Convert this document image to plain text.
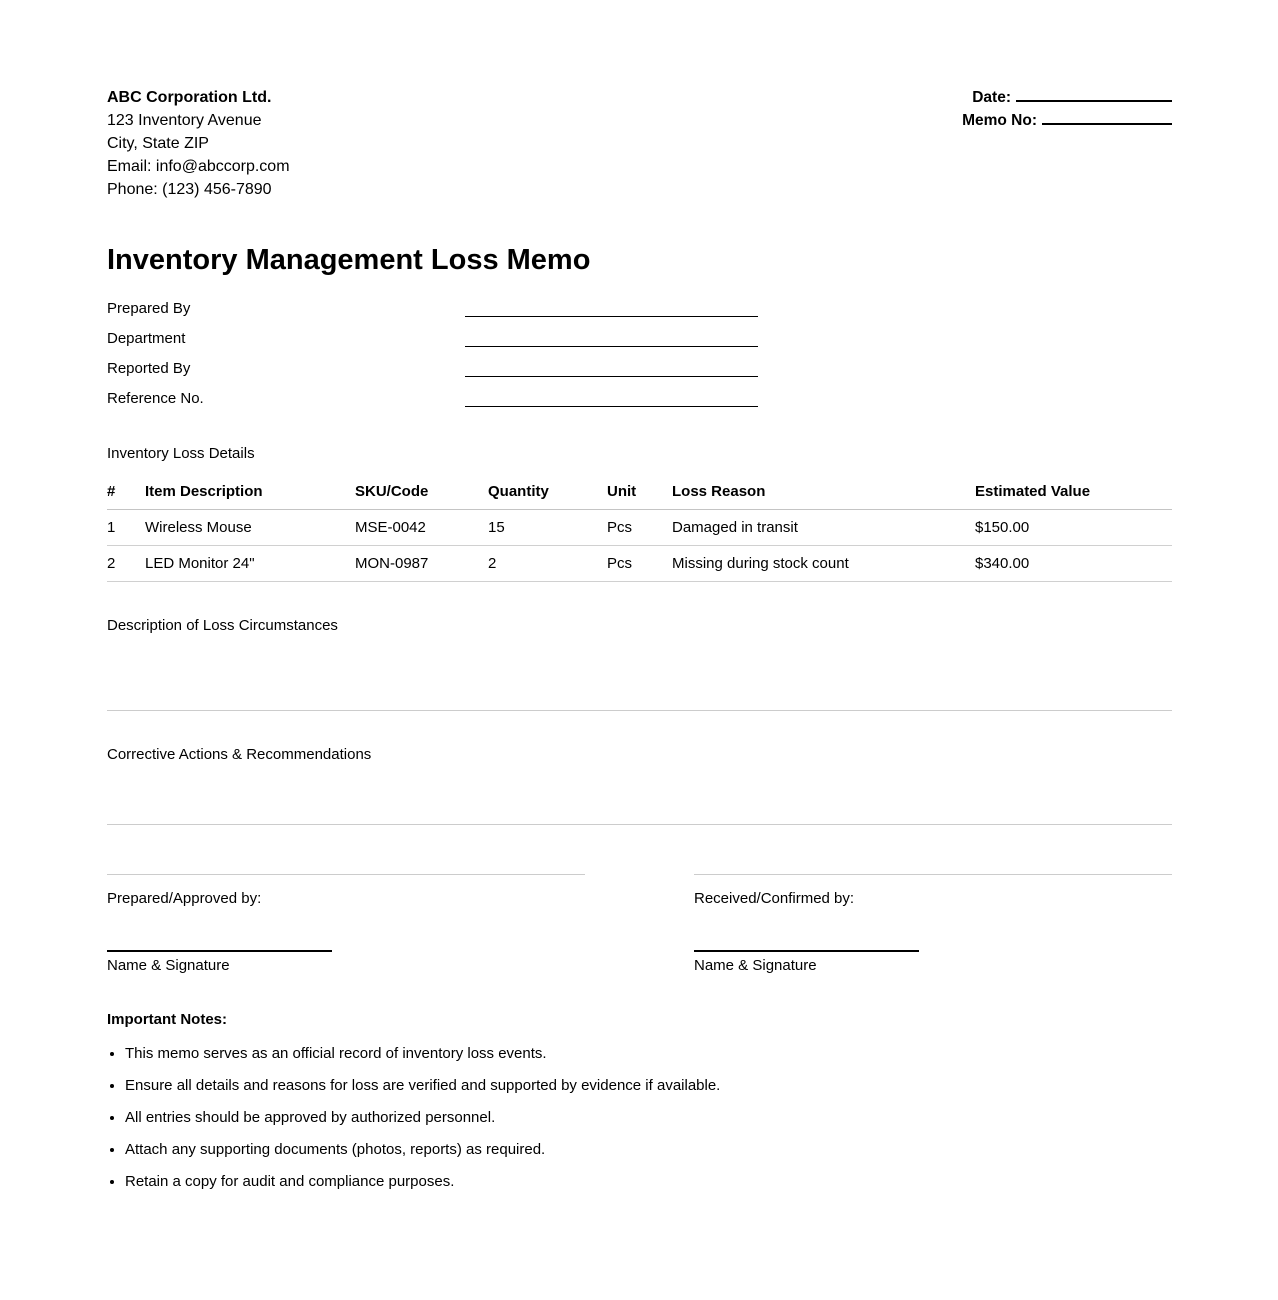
ABC Corporation Ltd.
123 Inventory Avenue
City, State ZIP
Email: info@abccorp.com
Phone: (123) 456-7890
Date:
Memo No:
Inventory Management Loss Memo
Prepared By
Department
Reported By
Reference No.
Inventory Loss Details
#	Item Description	SKU/Code	Quantity	Unit	Loss Reason	Estimated Value
1	Wireless Mouse	MSE-0042	15	Pcs	Damaged in transit	$150.00
2	LED Monitor 24"	MON-0987	2	Pcs	Missing during stock count	$340.00
Description of Loss Circumstances
Corrective Actions & Recommendations
Prepared/Approved by:
Name & Signature
Received/Confirmed by:
Name & Signature
Important Notes:
• This memo serves as an official record of inventory loss events.
• Ensure all details and reasons for loss are verified and supported by evidence if available.
• All entries should be approved by authorized personnel.
• Attach any supporting documents (photos, reports) as required.
• Retain a copy for audit and compliance purposes.
